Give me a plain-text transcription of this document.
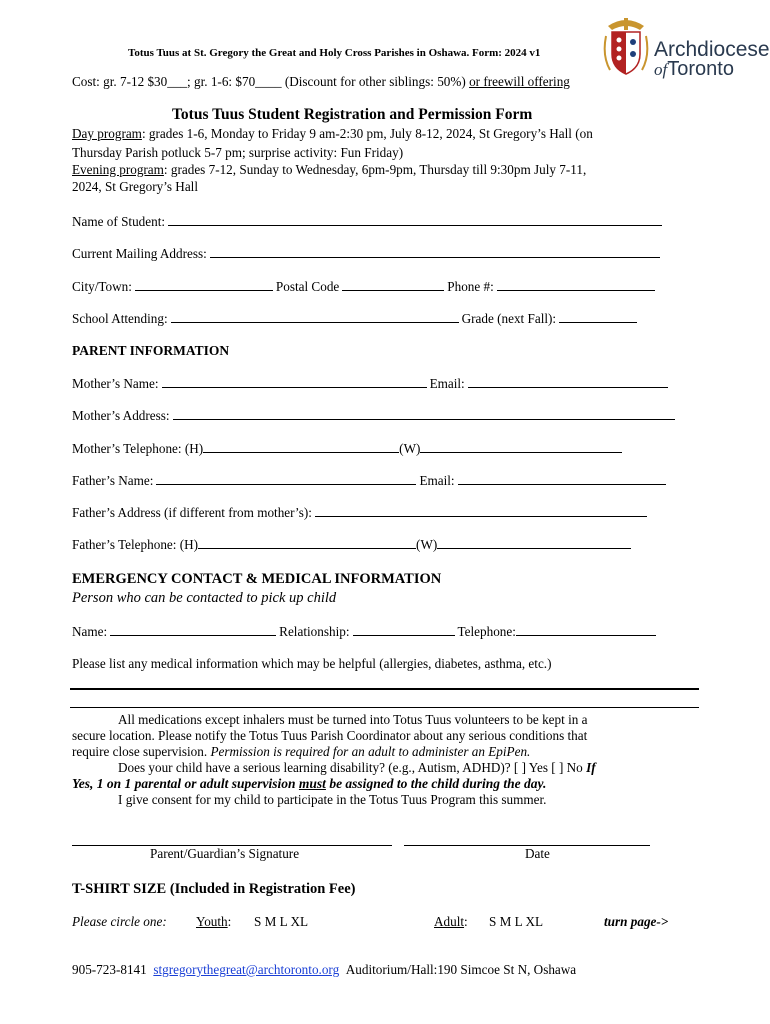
Totus Tuus at St. Gregory the Great and Holy Cross Parishes in Oshawa. Form: 2024 v1
Cost: gr. 7-12 $30___; gr. 1-6: $70____ (Discount for other siblings: 50%) or freewill offering
Archdiocese
ofToronto
Totus Tuus Student Registration and Permission Form
Day program: grades 1-6, Monday to Friday 9 am-2:30 pm, July 8-12, 2024, St Gregory’s Hall (on
Thursday Parish potluck 5-7 pm; surprise activity: Fun Friday)
Evening program: grades 7-12, Sunday to Wednesday, 6pm-9pm, Thursday till 9:30pm July 7-11,
2024, St Gregory’s Hall
Name of Student:
Current Mailing Address:
City/Town:	Postal Code	Phone #:
School Attending:	Grade (next Fall):
PARENT INFORMATION
Mother’s Name:	Email:
Mother’s Address:
Mother’s Telephone: (H)	(W)
Father’s Name:	Email:
Father’s Address (if different from mother’s):
Father’s Telephone: (H)	(W)
EMERGENCY CONTACT & MEDICAL INFORMATION
Person who can be contacted to pick up child
Name:	Relationship:	Telephone:
Please list any medical information which may be helpful (allergies, diabetes, asthma, etc.)
All medications except inhalers must be turned into Totus Tuus volunteers to be kept in a
secure location. Please notify the Totus Tuus Parish Coordinator about any serious conditions that
require close supervision. Permission is required for an adult to administer an EpiPen.
Does your child have a serious learning disability? (e.g., Autism, ADHD)? [ ] Yes [ ] No If
Yes, 1 on 1 parental or adult supervision must be assigned to the child during the day.
I give consent for my child to participate in the Totus Tuus Program this summer.
Parent/Guardian’s Signature	Date
T-SHIRT SIZE (Included in Registration Fee)
Please circle one: Youth: S M L XL	Adult: S M L XL	turn page->
905-723-8141 stgregorythegreat@archtoronto.org Auditorium/Hall:190 Simcoe St N, Oshawa
